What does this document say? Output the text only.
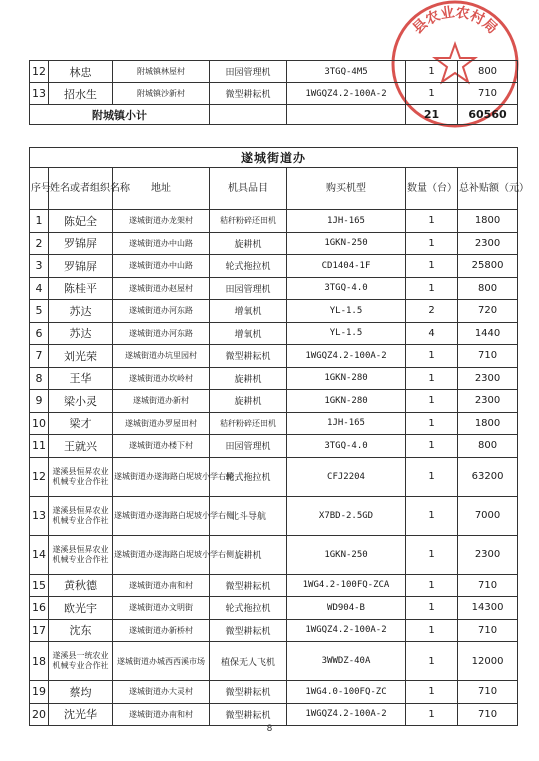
县农业农村局
12	林忠	附城镇林屋村	田园管理机	3TGQ-4M5	1	800
13	招水生	附城镇沙新村	微型耕耘机	1WGQZ4.2-100A-2	1	710
附城镇小计					21	60560
遂城街道办						
序号	姓名或者组织名称	地址	机具品目	购买机型	数量（台）	总补贴额（元）
1	陈妃全	遂城街道办龙架村	秸秆粉碎还田机	1JH-165	1	1800
2	罗锦屏	遂城街道办中山路	旋耕机	1GKN-250	1	2300
3	罗锦屏	遂城街道办中山路	轮式拖拉机	CD1404-1F	1	25800
4	陈桂平	遂城街道办赵屋村	田园管理机	3TGQ-4.0	1	800
5	苏达	遂城街道办河东路	增氧机	YL-1.5	2	720
6	苏达	遂城街道办河东路	增氧机	YL-1.5	4	1440
7	刘光荣	遂城街道办坑里园村	微型耕耘机	1WGQZ4.2-100A-2	1	710
8	王华	遂城街道办坎岭村	旋耕机	1GKN-280	1	2300
9	梁小灵	遂城街道办新村	旋耕机	1GKN-280	1	2300
10	梁才	遂城街道办罗屋田村	秸秆粉碎还田机	1JH-165	1	1800
11	王就兴	遂城街道办楼下村	田园管理机	3TGQ-4.0	1	800
12	遂溪县恒昇农业机械专业合作社	遂城街道办遂海路白坭坡小学右侧	轮式拖拉机	CFJ2204	1	63200
13	遂溪县恒昇农业机械专业合作社	遂城街道办遂海路白坭坡小学右侧	北斗导航	X7BD-2.5GD	1	7000
14	遂溪县恒昇农业机械专业合作社	遂城街道办遂海路白坭坡小学右侧	旋耕机	1GKN-250	1	2300
15	黄秋德	遂城街道办南和村	微型耕耘机	1WG4.2-100FQ-ZCA	1	710
16	欧光宇	遂城街道办文明街	轮式拖拉机	WD904-B	1	14300
17	沈东	遂城街道办新桥村	微型耕耘机	1WGQZ4.2-100A-2	1	710
18	遂溪县一统农业机械专业合作社	遂城街道办城西西溪市场	植保无人飞机	3WWDZ-40A	1	12000
19	蔡均	遂城街道办大灵村	微型耕耘机	1WG4.0-100FQ-ZC	1	710
20	沈光华	遂城街道办南和村	微型耕耘机	1WGQZ4.2-100A-2	1	710
8
